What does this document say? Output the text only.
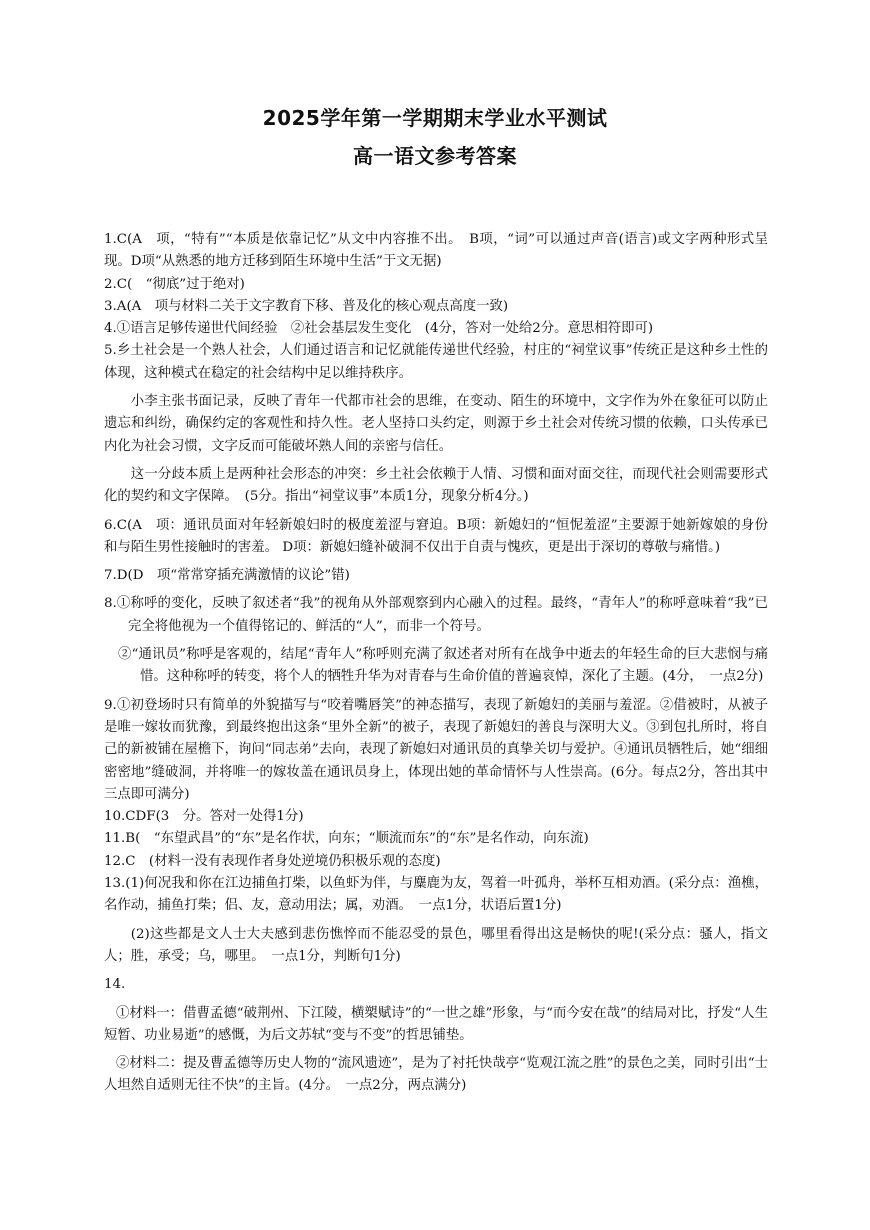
2025学年第一学期期末学业水平测试
高一语文参考答案

1.C(A　项，“特有”“本质是依靠记忆”从文中内容推不出。　B项，“词”可以通过声音(语言)或文字两种形式呈现。D项“从熟悉的地方迁移到陌生环境中生活”于文无据)

2.C(　“彻底”过于绝对)

3.A(A　项与材料二关于文字教育下移、普及化的核心观点高度一致)

4.①语言足够传递世代间经验　②社会基层发生变化　(4分，答对一处给2分。意思相符即可)

5.乡土社会是一个熟人社会，人们通过语言和记忆就能传递世代经验，村庄的“祠堂议事”传统正是这种乡土性的体现，这种模式在稳定的社会结构中足以维持秩序。

小李主张书面记录，反映了青年一代都市社会的思维，在变动、陌生的环境中，文字作为外在象征可以防止遗忘和纠纷，确保约定的客观性和持久性。老人坚持口头约定，则源于乡土社会对传统习惯的依赖，口头传承已内化为社会习惯，文字反而可能破坏熟人间的亲密与信任。

这一分歧本质上是两种社会形态的冲突：乡土社会依赖于人情、习惯和面对面交往，而现代社会则需要形式化的契约和文字保障。　(5分。指出“祠堂议事”本质1分，现象分析4分。)

6.C(A　项：通讯员面对年轻新娘妇时的极度羞涩与窘迫。B项：新媳妇的“恒怩羞涩”主要源于她新嫁娘的身份和与陌生男性接触时的害羞。 D项：新媳妇缝补破洞不仅出于自责与愧疚，更是出于深切的尊敬与痛惜。)

7.D(D　项“常常穿插充满激情的议论”错)

8.①称呼的变化，反映了叙述者“我”的视角从外部观察到内心融入的过程。最终，“青年人”的称呼意味着“我”已完全将他视为一个值得铭记的、鲜活的“人”，而非一个符号。

②“通讯员”称呼是客观的，结尾“青年人”称呼则充满了叙述者对所有在战争中逝去的年轻生命的巨大悲悯与痛惜。这种称呼的转变，将个人的牺牲升华为对青春与生命价值的普遍哀悼，深化了主题。(4分，　一点2分)

9.①初登场时只有简单的外貌描写与“咬着嘴唇笑”的神态描写，表现了新媳妇的美丽与羞涩。②借被时，从被子是唯一嫁妆而犹豫，到最终抱出这条“里外全新”的被子，表现了新媳妇的善良与深明大义。③到包扎所时，将自己的新被铺在屋檐下，询问“同志弟”去向，表现了新媳妇对通讯员的真挚关切与爱护。④通讯员牺牲后，她“细细密密地”缝破洞，并将唯一的嫁妆盖在通讯员身上，体现出她的革命情怀与人性崇高。(6分。每点2分，答出其中三点即可满分)

10.CDF(3　分。答对一处得1分)

11.B(　“东望武昌”的“东”是名作状，向东；“顺流而东”的“东”是名作动，向东流)

12.C　(材料一没有表现作者身处逆境仍积极乐观的态度)

13.(1)何况我和你在江边捕鱼打柴，以鱼虾为伴，与麋鹿为友，驾着一叶孤舟，举杯互相劝酒。(采分点：渔樵，名作动，捕鱼打柴；侣、友，意动用法；属，劝酒。　一点1分，状语后置1分)

(2)这些都是文人士大夫感到悲伤憔悴而不能忍受的景色，哪里看得出这是畅快的呢!(采分点：骚人，指文人；胜，承受；乌，哪里。　一点1分，判断句1分)

14.

①材料一：借曹孟德“破荆州、下江陵，横槊赋诗”的“一世之雄”形象，与“而今安在哉”的结局对比，抒发“人生短暂、功业易逝”的感慨，为后文苏轼“变与不变”的哲思铺垫。

②材料二：提及曹孟德等历史人物的“流风遗迹”，是为了衬托快哉亭“览观江流之胜”的景色之美，同时引出“士人坦然自适则无往不快”的主旨。(4分。　一点2分，两点满分)
